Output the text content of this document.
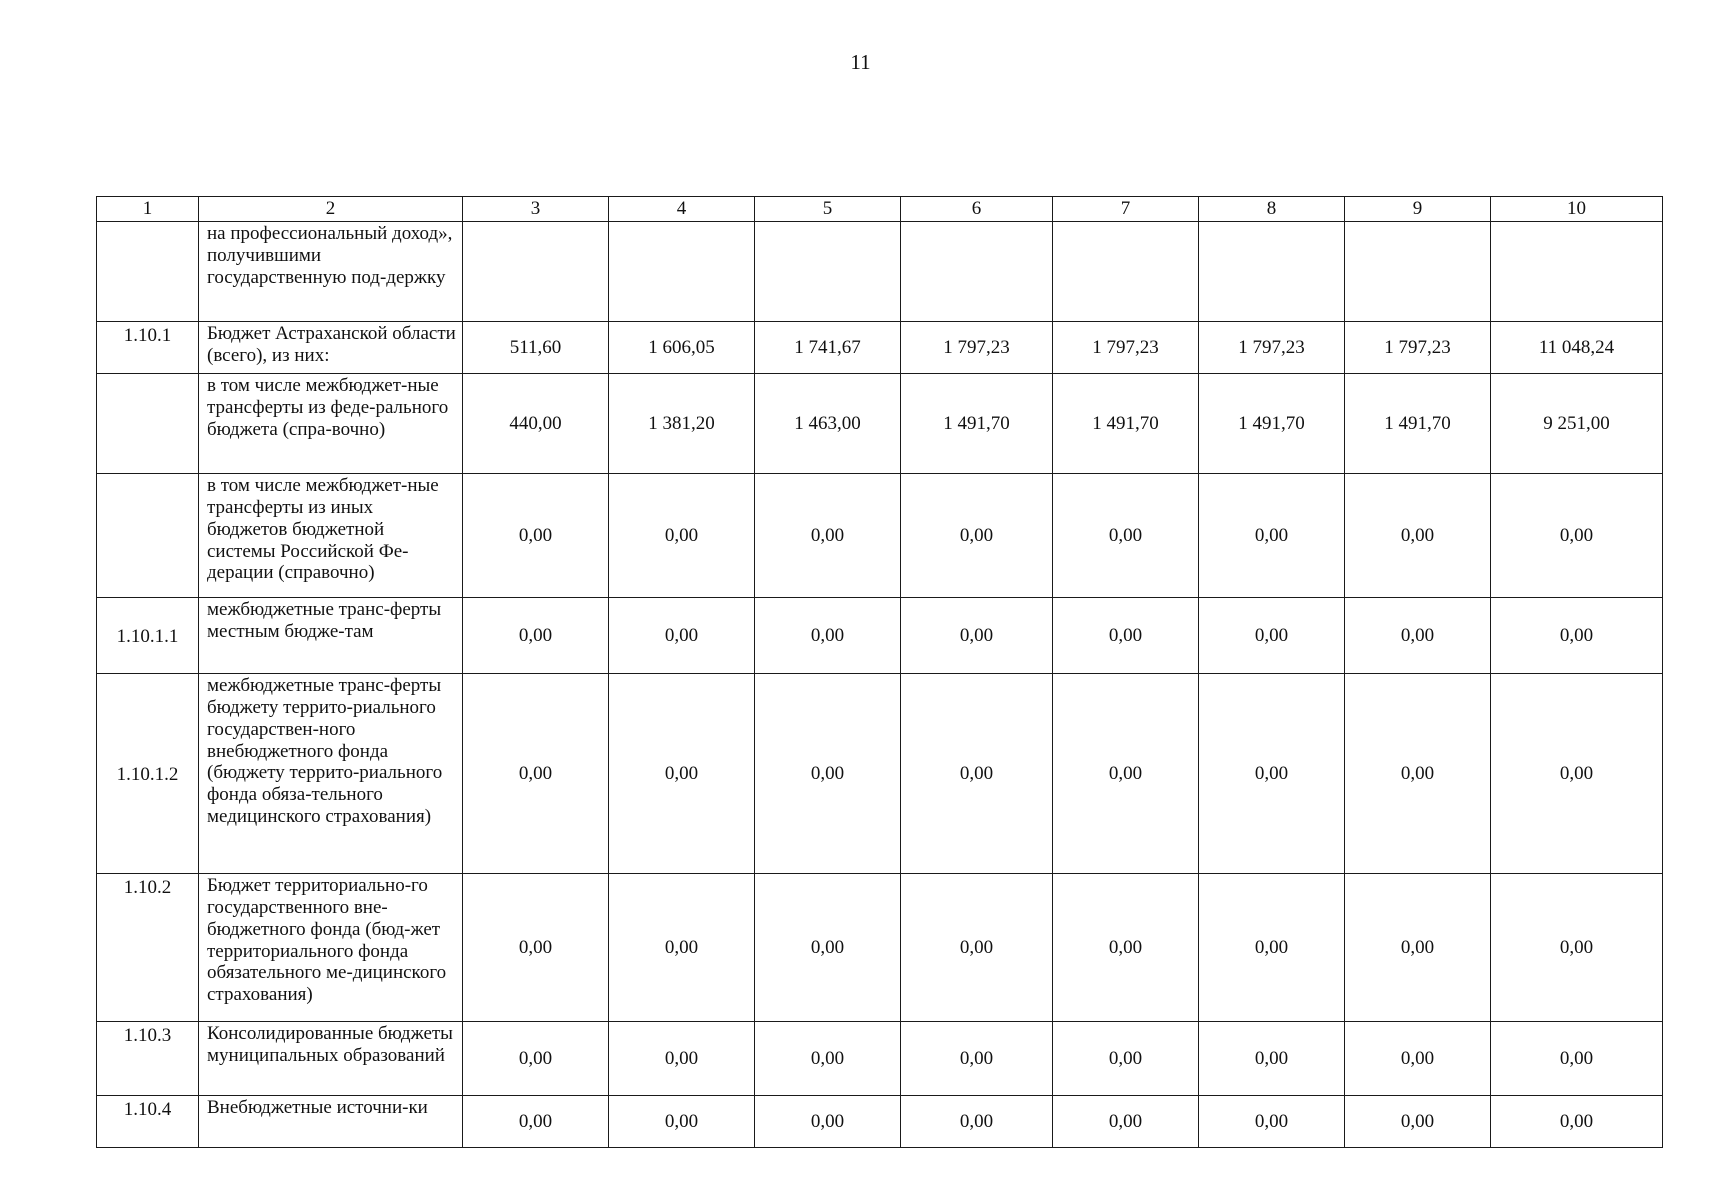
11
1	2	3	4	5	6	7	8	9	10
	на профессиональный доход», получившими государственную под-держку								
1.10.1	Бюджет Астраханской области (всего), из них:	511,60	1 606,05	1 741,67	1 797,23	1 797,23	1 797,23	1 797,23	11 048,24
	в том числе межбюджет-ные трансферты из феде-рального бюджета (спра-вочно)	440,00	1 381,20	1 463,00	1 491,70	1 491,70	1 491,70	1 491,70	9 251,00
	в том числе межбюджет-ные трансферты из иных бюджетов бюджетной системы Российской Фе-дерации (справочно)	0,00	0,00	0,00	0,00	0,00	0,00	0,00	0,00
1.10.1.1	межбюджетные транс-ферты местным бюдже-там	0,00	0,00	0,00	0,00	0,00	0,00	0,00	0,00
1.10.1.2	межбюджетные транс-ферты бюджету террито-риального государствен-ного внебюджетного фонда (бюджету террито-риального фонда обяза-тельного медицинского страхования)	0,00	0,00	0,00	0,00	0,00	0,00	0,00	0,00
1.10.2	Бюджет территориально-го государственного вне-бюджетного фонда (бюд-жет территориального фонда обязательного ме-дицинского страхования)	0,00	0,00	0,00	0,00	0,00	0,00	0,00	0,00
1.10.3	Консолидированные бюджеты муниципальных образований	0,00	0,00	0,00	0,00	0,00	0,00	0,00	0,00
1.10.4	Внебюджетные источни-ки	0,00	0,00	0,00	0,00	0,00	0,00	0,00	0,00
